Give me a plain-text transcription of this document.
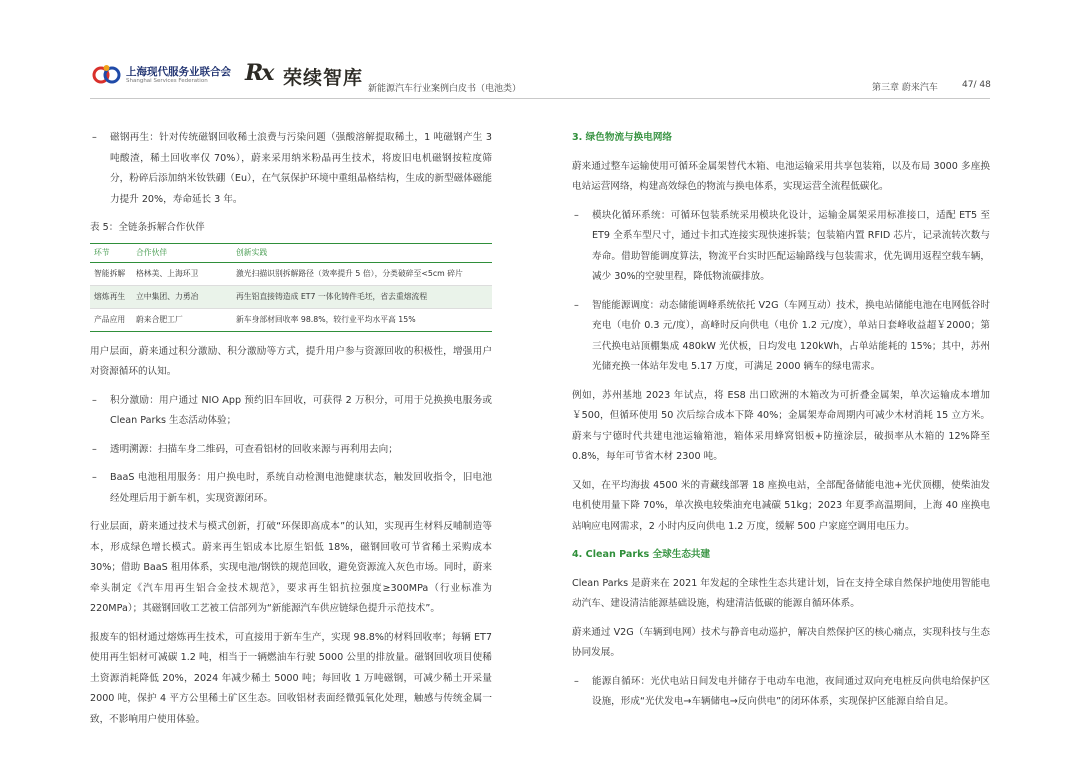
上海现代服务业联合会
Shanghai Services Federation Rx 荣续智库 新能源汽车行业案例白皮书（电池类）	第三章 蔚来汽车	47/ 48
– 磁钢再生：针对传统磁钢回收稀土浪费与污染问题（强酸溶解提取稀土，1 吨磁钢产生 3 吨酸渣，稀土回收率仅 70%），蔚来采用纳米粉晶再生技术，将废旧电机磁钢按粒度筛分，粉碎后添加纳米钕铁硼（Eu），在气氛保护环境中重组晶格结构，生成的新型磁体磁能力提升 20%，寿命延长 3 年。
表 5：全链条拆解合作伙伴
环节	合作伙伴	创新实践
智能拆解	格林美、上海环卫	激光扫描识别拆解路径（效率提升 5 倍），分类破碎至<5cm 碎片
熔炼再生	立中集团、力勇冶	再生铝直接铸造成 ET7 一体化铸件毛坯，省去重熔流程
产品应用	蔚来合肥工厂	新车身部材回收率 98.8%，较行业平均水平高 15%

用户层面，蔚来通过积分激励、积分激励等方式，提升用户参与资源回收的积极性，增强用户对资源循环的认知。

– 积分激励：用户通过 NIO App 预约旧车回收，可获得 2 万积分，可用于兑换换电服务或 Clean Parks 生态活动体验；
– 透明溯源：扫描车身二维码，可查看铝材的回收来源与再利用去向；
– BaaS 电池租用服务：用户换电时，系统自动检测电池健康状态，触发回收指令，旧电池经处理后用于新车机，实现资源闭环。

行业层面，蔚来通过技术与模式创新，打破“环保即高成本”的认知，实现再生材料反哺制造等本，形成绿色增长模式。蔚来再生铝成本比原生铝低 18%，磁钢回收可节省稀土采购成本 30%；借助 BaaS 租用体系，实现电池/钢铁的规范回收，避免资源流入灰色市场。同时，蔚来牵头制定《汽车用再生铝合金技术规范》，要求再生铝抗拉强度≥300MPa（行业标准为 220MPa）；其磁钢回收工艺被工信部列为“新能源汽车供应链绿色提升示范技术”。

报废车的铝材通过熔炼再生技术，可直接用于新车生产，实现 98.8%的材料回收率；每辆 ET7 使用再生铝材可减碳 1.2 吨，相当于一辆燃油车行驶 5000 公里的排放量。磁钢回收项目使稀土资源消耗降低 20%，2024 年减少稀土 5000 吨；每回收 1 万吨磁钢，可减少稀土开采量 2000 吨，保护 4 平方公里稀土矿区生态。回收铝材表面经微弧氧化处理，触感与传统金属一致，不影响用户使用体验。

3. 绿色物流与换电网络

蔚来通过整车运输使用可循环金属架替代木箱、电池运输采用共享包装箱，以及布局 3000 多座换电站运营网络，构建高效绿色的物流与换电体系，实现运营全流程低碳化。

– 模块化循环系统：可循环包装系统采用模块化设计，运输金属架采用标准接口，适配 ET5 至 ET9 全系车型尺寸，通过卡扣式连接实现快速拆装；包装箱内置 RFID 芯片，记录流转次数与寿命。借助智能调度算法，物流平台实时匹配运输路线与包装需求，优先调用返程空载车辆，减少 30%的空驶里程，降低物流碳排放。
– 智能能源调度：动态储能调峰系统依托 V2G（车网互动）技术，换电站储能电池在电网低谷时充电（电价 0.3 元/度），高峰时反向供电（电价 1.2 元/度），单站日套峰收益超￥2000；第三代换电站顶棚集成 480kW 光伏板，日均发电 120kWh，占单站能耗的 15%；其中，苏州光储充换一体站年发电 5.17 万度，可满足 2000 辆车的绿电需求。

例如，苏州基地 2023 年试点，将 ES8 出口欧洲的木箱改为可折叠金属架，单次运输成本增加￥500，但循环使用 50 次后综合成本下降 40%；金属架寿命周期内可减少木材消耗 15 立方米。蔚来与宁德时代共建电池运输箱池，箱体采用蜂窝铝板+防撞涂层，破损率从木箱的 12%降至 0.8%，每年可节省木材 2300 吨。

又如，在平均海拔 4500 米的青藏线部署 18 座换电站，全部配备储能电池+光伏顶棚，使柴油发电机使用量下降 70%，单次换电较柴油充电减碳 51kg；2023 年夏季高温期间，上海 40 座换电站响应电网需求，2 小时内反向供电 1.2 万度，缓解 500 户家庭空调用电压力。

4. Clean Parks 全球生态共建

Clean Parks 是蔚来在 2021 年发起的全球性生态共建计划，旨在支持全球自然保护地使用智能电动汽车、建设清洁能源基础设施，构建清洁低碳的能源自循环体系。

蔚来通过 V2G（车辆到电网）技术与静音电动巡护，解决自然保护区的核心痛点，实现科技与生态协同发展。

– 能源自循环：光伏电站日间发电并储存于电动车电池，夜间通过双向充电桩反向供电给保护区设施，形成“光伏发电→车辆储电→反向供电”的闭环体系，实现保护区能源自给自足。
